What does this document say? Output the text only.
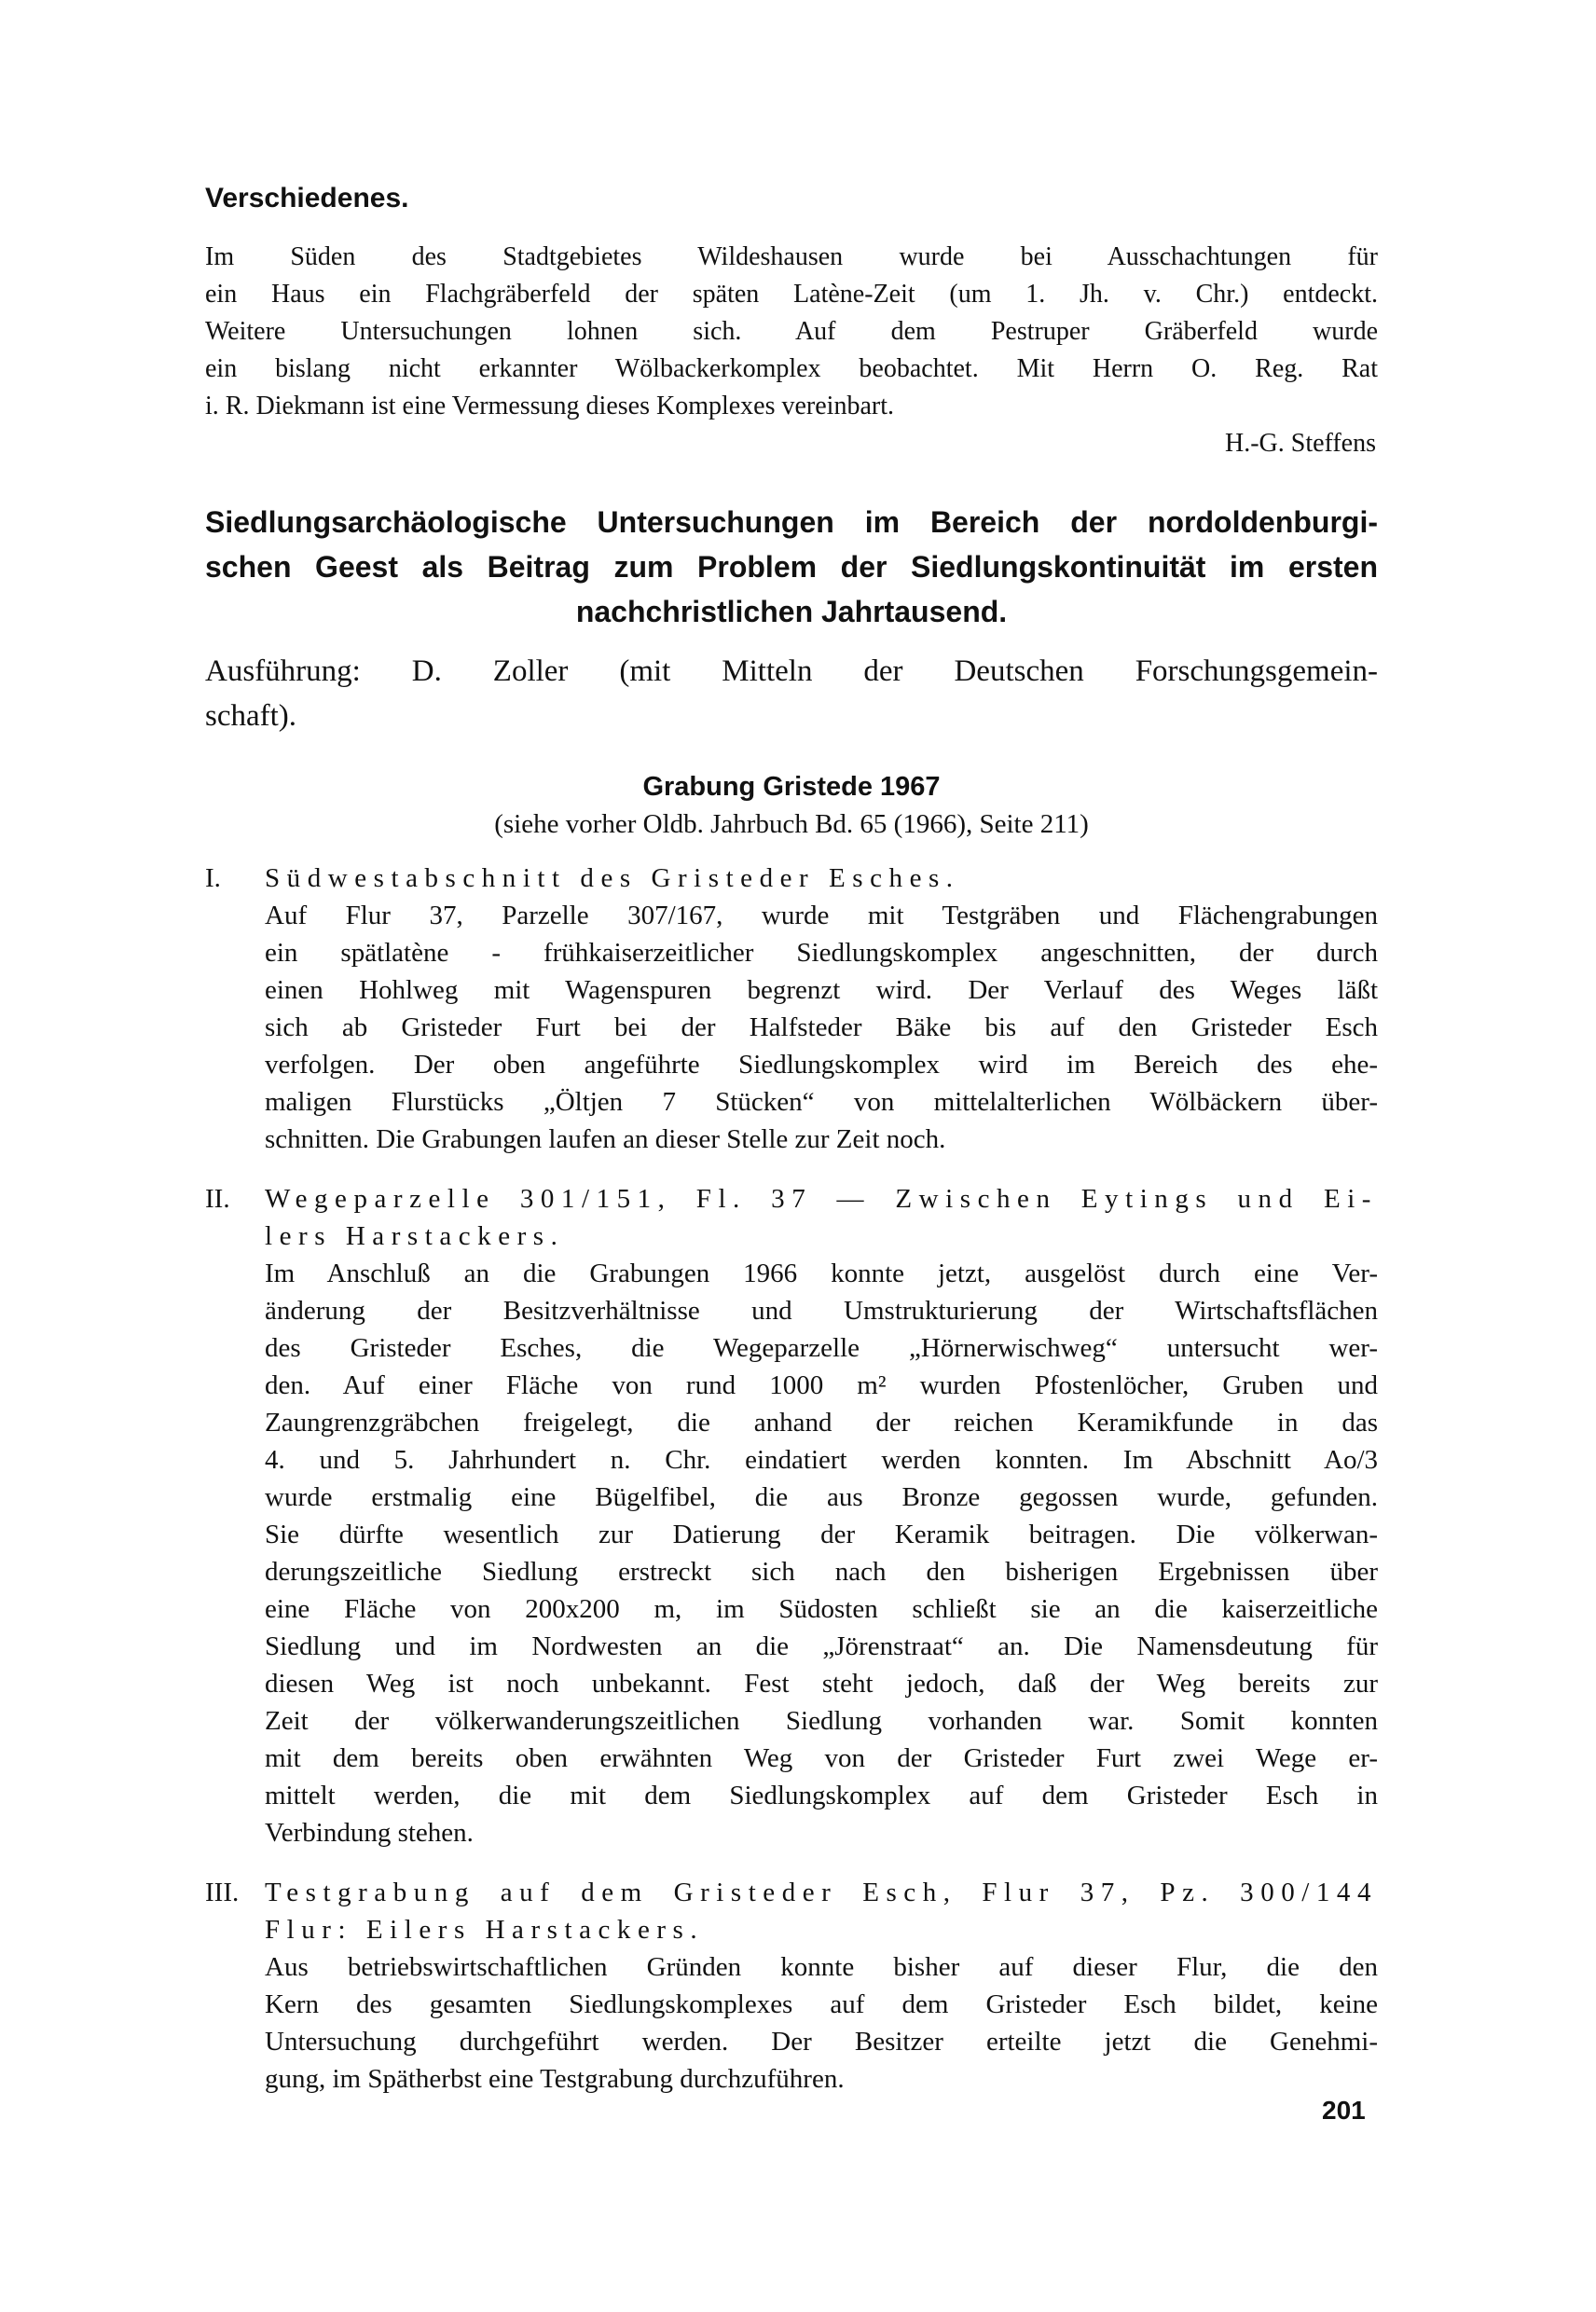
Verschiedenes.
Im Süden des Stadtgebietes Wildeshausen wurde bei Ausschachtungen für
ein Haus ein Flachgräberfeld der späten Latène-Zeit (um 1. Jh. v. Chr.) entdeckt.
Weitere Untersuchungen lohnen sich. Auf dem Pestruper Gräberfeld wurde
ein bislang nicht erkannter Wölbackerkomplex beobachtet. Mit Herrn O. Reg. Rat
i. R. Diekmann ist eine Vermessung dieses Komplexes vereinbart.
H.-G. Steffens
Siedlungsarchäologische Untersuchungen im Bereich der nordoldenburgi-
schen Geest als Beitrag zum Problem der Siedlungskontinuität im ersten
nachchristlichen Jahrtausend.
Ausführung: D. Zoller (mit Mitteln der Deutschen Forschungsgemein-
schaft).
Grabung Gristede 1967
(siehe vorher Oldb. Jahrbuch Bd. 65 (1966), Seite 211)
I. Südwestabschnitt des Gristeder Esches.
Auf Flur 37, Parzelle 307/167, wurde mit Testgräben und Flächengrabungen
ein spätlatène - frühkaiserzeitlicher Siedlungskomplex angeschnitten, der durch
einen Hohlweg mit Wagenspuren begrenzt wird. Der Verlauf des Weges läßt
sich ab Gristeder Furt bei der Halfsteder Bäke bis auf den Gristeder Esch
verfolgen. Der oben angeführte Siedlungskomplex wird im Bereich des ehe-
maligen Flurstücks „Öltjen 7 Stücken“ von mittelalterlichen Wölbäckern über-
schnitten. Die Grabungen laufen an dieser Stelle zur Zeit noch.
II. Wegeparzelle 301/151, Fl. 37 — Zwischen Eytings und Ei-
lers Harstackers.
Im Anschluß an die Grabungen 1966 konnte jetzt, ausgelöst durch eine Ver-
änderung der Besitzverhältnisse und Umstrukturierung der Wirtschaftsflächen
des Gristeder Esches, die Wegeparzelle „Hörnerwischweg“ untersucht wer-
den. Auf einer Fläche von rund 1000 m² wurden Pfostenlöcher, Gruben und
Zaungrenzgräbchen freigelegt, die anhand der reichen Keramikfunde in das
4. und 5. Jahrhundert n. Chr. eindatiert werden konnten. Im Abschnitt Ao/3
wurde erstmalig eine Bügelfibel, die aus Bronze gegossen wurde, gefunden.
Sie dürfte wesentlich zur Datierung der Keramik beitragen. Die völkerwan-
derungszeitliche Siedlung erstreckt sich nach den bisherigen Ergebnissen über
eine Fläche von 200x200 m, im Südosten schließt sie an die kaiserzeitliche
Siedlung und im Nordwesten an die „Jörenstraat“ an. Die Namensdeutung für
diesen Weg ist noch unbekannt. Fest steht jedoch, daß der Weg bereits zur
Zeit der völkerwanderungszeitlichen Siedlung vorhanden war. Somit konnten
mit dem bereits oben erwähnten Weg von der Gristeder Furt zwei Wege er-
mittelt werden, die mit dem Siedlungskomplex auf dem Gristeder Esch in
Verbindung stehen.
III. Testgrabung auf dem Gristeder Esch, Flur 37, Pz. 300/144
Flur: Eilers Harstackers.
Aus betriebswirtschaftlichen Gründen konnte bisher auf dieser Flur, die den
Kern des gesamten Siedlungskomplexes auf dem Gristeder Esch bildet, keine
Untersuchung durchgeführt werden. Der Besitzer erteilte jetzt die Genehmi-
gung, im Spätherbst eine Testgrabung durchzuführen.
201
